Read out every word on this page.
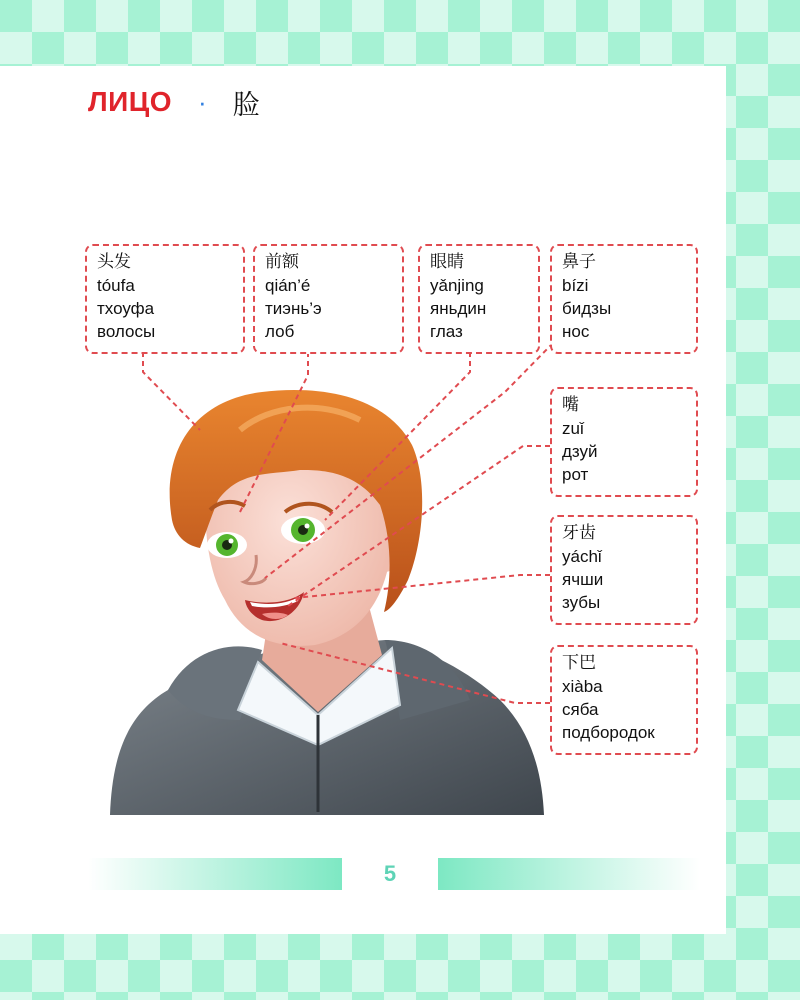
ЛИЦО · 脸
头发
tóufa
тхоуфа
волосы
前额
qián’é
тиэнь’э
лоб
眼睛
yǎnjing
яньдин
глаз
鼻子
bízi
бидзы
нос
嘴
zuǐ
дзуй
рот
牙齿
yáchǐ
ячши
зубы
下巴
xiàba
сяба
подбородок
5
